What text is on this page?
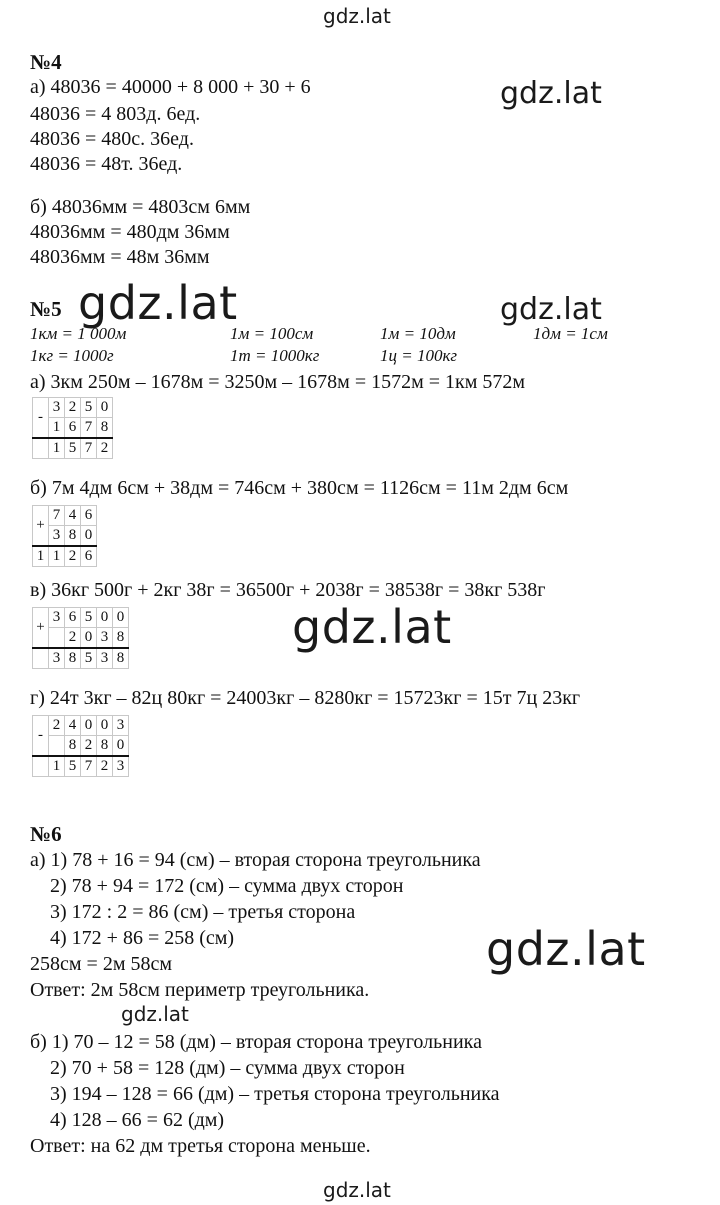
gdz.lat
gdz.lat
gdz.lat	gdz.lat
gdz.lat
gdz.lat
gdz.lat
gdz.lat
№4
а) 48036 = 40000 + 8 000 + 30 + 6
48036 = 4 803д. 6ед.
48036 = 480с. 36ед.
48036 = 48т. 36ед.
б) 48036мм = 4803см 6мм
48036мм = 480дм 36мм
48036мм = 48м 36мм
№5
1км = 1 000м	1м = 100см	1м = 10дм	1дм = 1см
1кг = 1000г	1т = 1000кг	1ц = 100кг
а) 3км 250м – 1678м = 3250м – 1678м = 1572м = 1км 572м
-	3	2	5	0
	1	6	7	8
	1	5	7	2
б) 7м 4дм 6см + 38дм = 746см + 380см = 1126см = 11м 2дм 6см
+	7	4	6
	3	8	0
1	1	2	6
в) 36кг 500г + 2кг 38г = 36500г + 2038г = 38538г = 38кг 538г
+	3	6	5	0	0
		2	0	3	8
	3	8	5	3	8
г) 24т 3кг – 82ц 80кг = 24003кг – 8280кг = 15723кг = 15т 7ц 23кг
-	2	4	0	0	3
		8	2	8	0
	1	5	7	2	3
№6
а) 1) 78 + 16 = 94 (см) – вторая сторона треугольника
2) 78 + 94 = 172 (см) – сумма двух сторон
3) 172 : 2 = 86 (см) – третья сторона
4) 172 + 86 = 258 (см)
258см = 2м 58см
Ответ: 2м 58см периметр треугольника.
б) 1) 70 – 12 = 58 (дм) – вторая сторона треугольника
2) 70 + 58 = 128 (дм) – сумма двух сторон
3) 194 – 128 = 66 (дм) – третья сторона треугольника
4) 128 – 66 = 62 (дм)
Ответ: на 62 дм третья сторона меньше.
